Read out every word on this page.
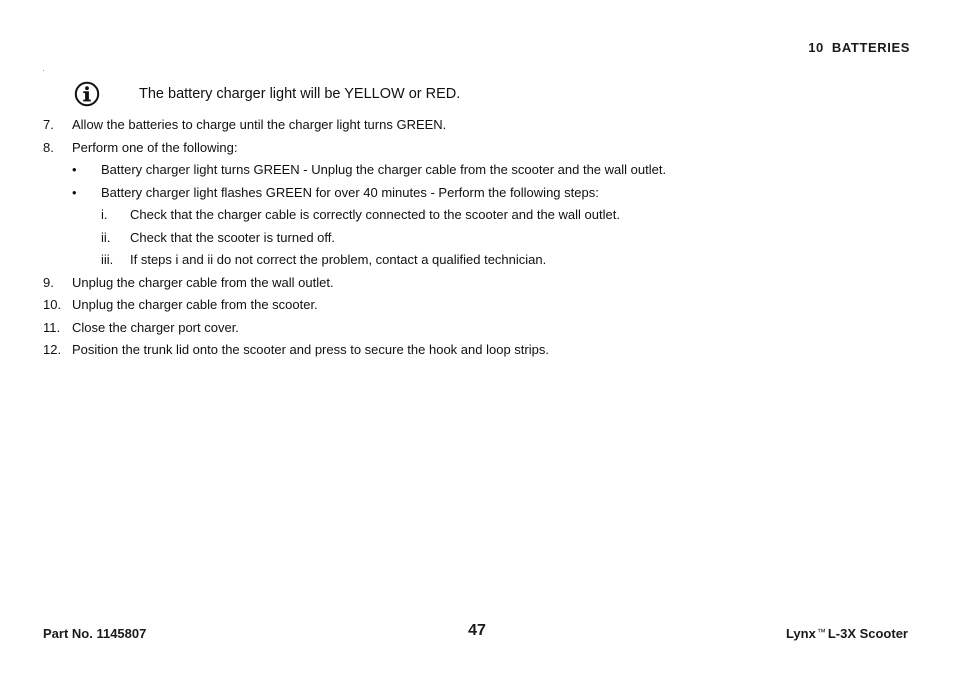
10 BATTERIES
The battery charger light will be YELLOW or RED.
7. Allow the batteries to charge until the charger light turns GREEN.
8. Perform one of the following:
• Battery charger light turns GREEN - Unplug the charger cable from the scooter and the wall outlet.
• Battery charger light flashes GREEN for over 40 minutes - Perform the following steps:
i. Check that the charger cable is correctly connected to the scooter and the wall outlet.
ii. Check that the scooter is turned off.
iii. If steps i and ii do not correct the problem, contact a qualified technician.
9. Unplug the charger cable from the wall outlet.
10. Unplug the charger cable from the scooter.
11. Close the charger port cover.
12. Position the trunk lid onto the scooter and press to secure the hook and loop strips.
Part No. 1145807	47	Lynx™ L-3X Scooter
